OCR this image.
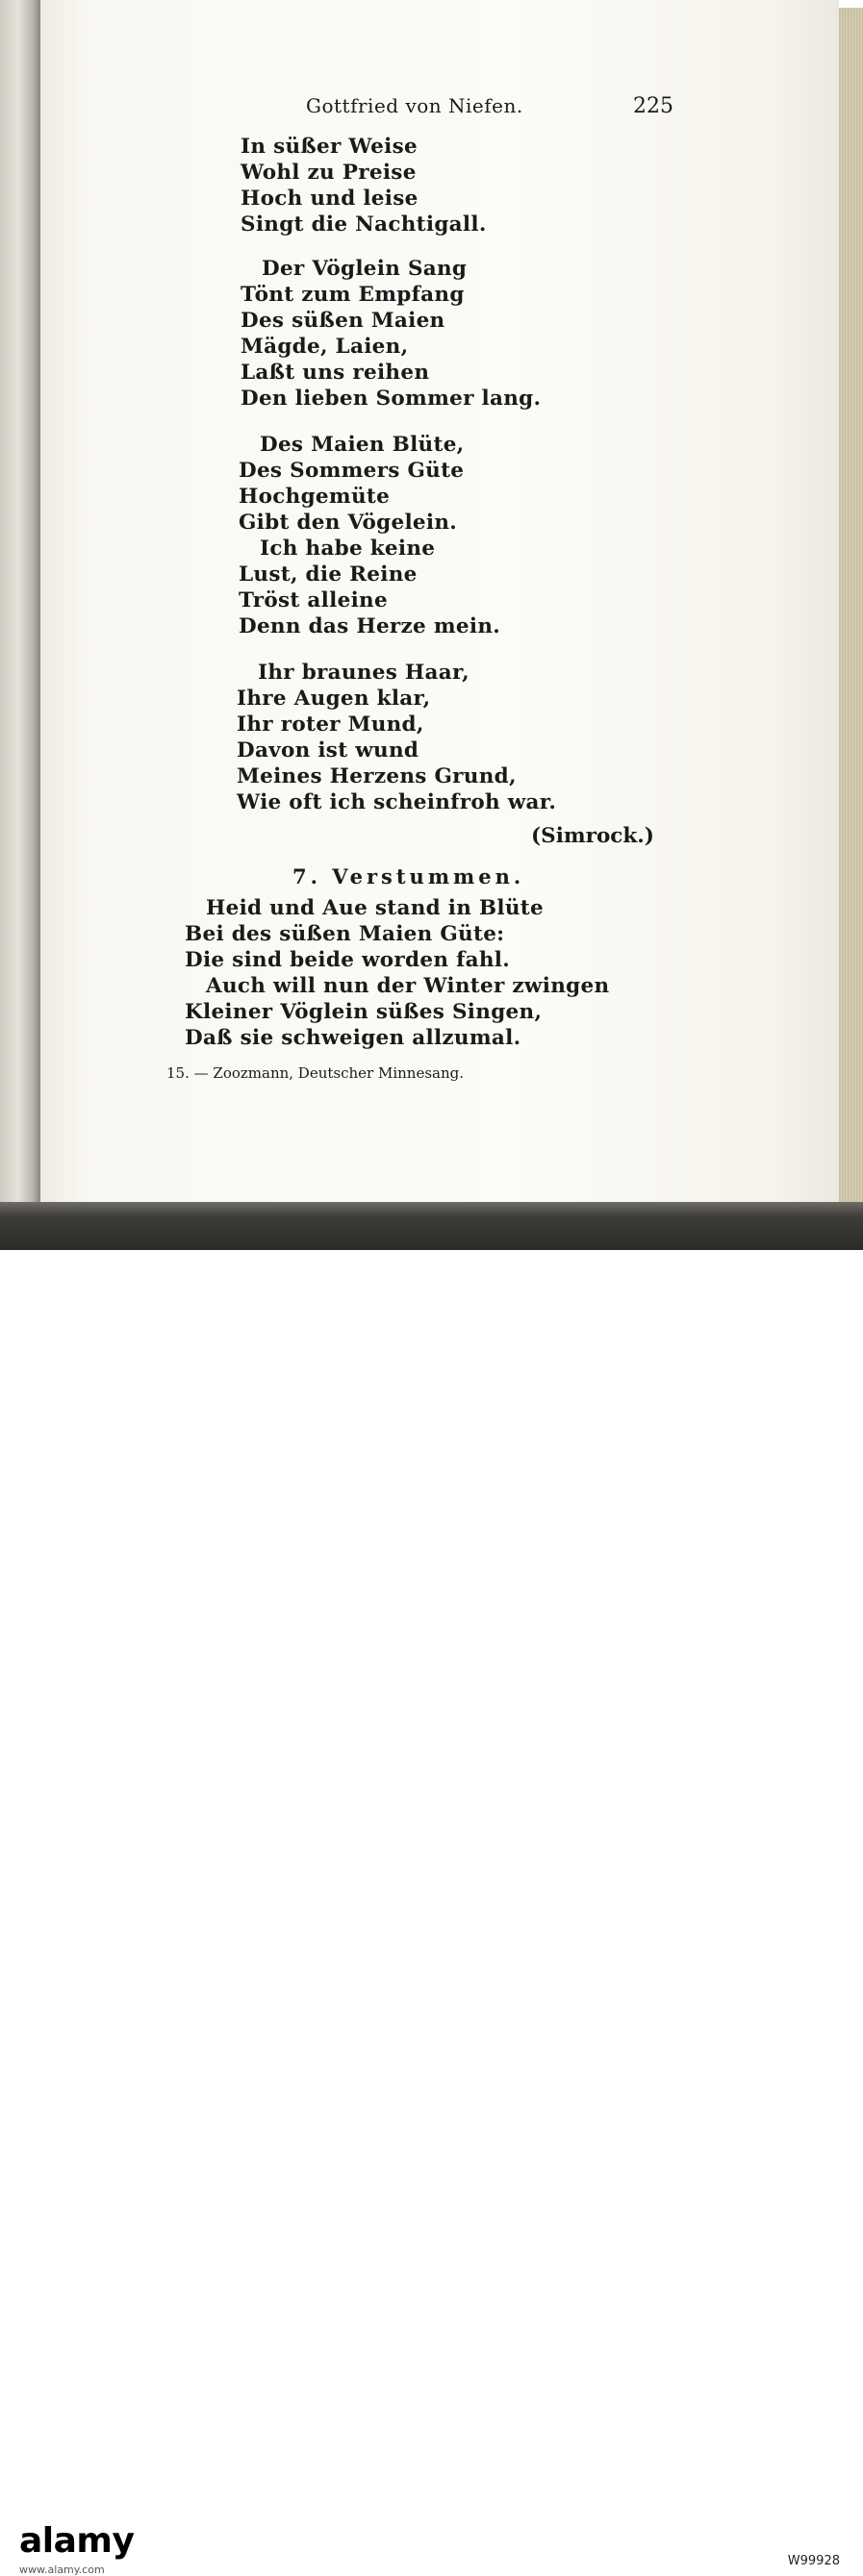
Gottfried von Niefen.	225
In süßer Weise
Wohl zu Preise
Hoch und leise
Singt die Nachtigall.
Der Vöglein Sang
Tönt zum Empfang
Des süßen Maien
Mägde, Laien,
Laßt uns reihen
Den lieben Sommer lang.
Des Maien Blüte,
Des Sommers Güte
Hochgemüte
Gibt den Vögelein.
Ich habe keine
Lust, die Reine
Tröst alleine
Denn das Herze mein.
Ihr braunes Haar,
Ihre Augen klar,
Ihr roter Mund,
Davon ist wund
Meines Herzens Grund,
Wie oft ich scheinfroh war.
(Simrock.)
7. Verstummen.
Heid und Aue stand in Blüte
Bei des süßen Maien Güte:
Die sind beide worden fahl.
Auch will nun der Winter zwingen
Kleiner Vöglein süßes Singen,
Daß sie schweigen allzumal.
15. — Zoozmann, Deutscher Minnesang.
alamy
W99928
www.alamy.com
